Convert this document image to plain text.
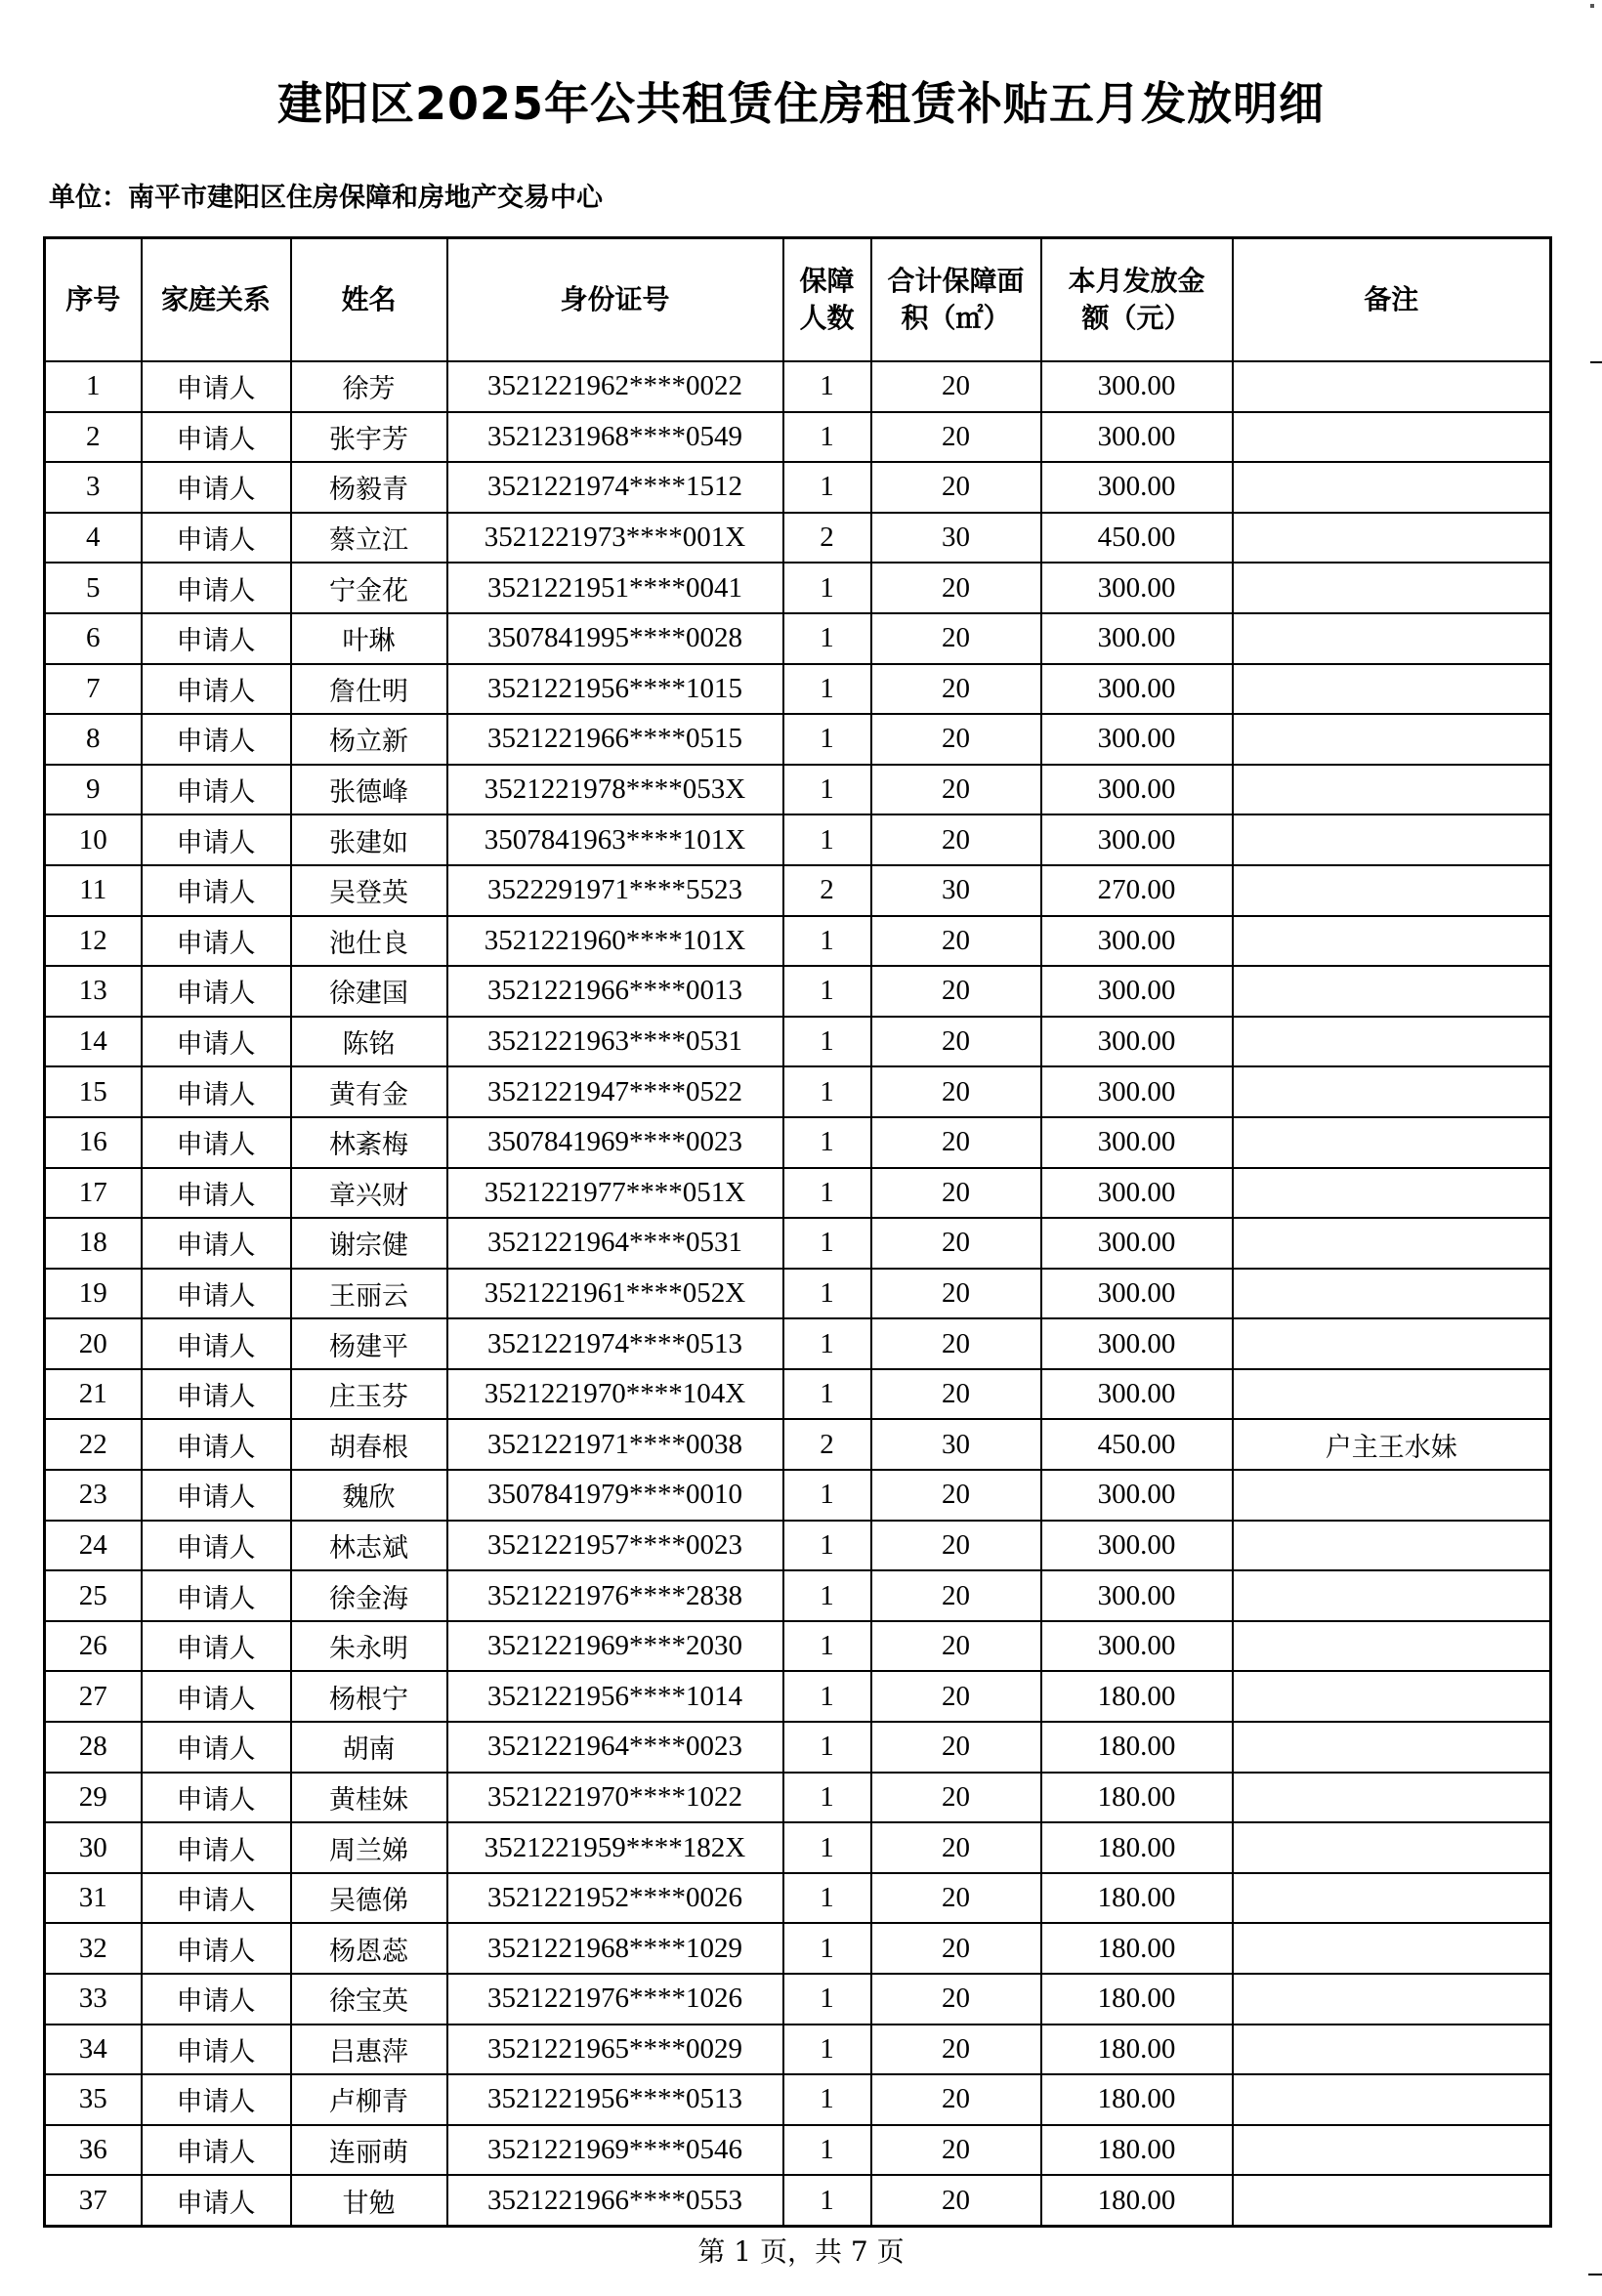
建阳区2025年公共租赁住房租赁补贴五月发放明细
单位：南平市建阳区住房保障和房地产交易中心
序号	家庭关系	姓名	身份证号	保障人数	合计保障面积（㎡）	本月发放金额（元）	备注
1	申请人	徐芳	3521221962****0022	1	20	300.00	
2	申请人	张宇芳	3521231968****0549	1	20	300.00	
3	申请人	杨毅青	3521221974****1512	1	20	300.00	
4	申请人	蔡立江	3521221973****001X	2	30	450.00	
5	申请人	宁金花	3521221951****0041	1	20	300.00	
6	申请人	叶琳	3507841995****0028	1	20	300.00	
7	申请人	詹仕明	3521221956****1015	1	20	300.00	
8	申请人	杨立新	3521221966****0515	1	20	300.00	
9	申请人	张德峰	3521221978****053X	1	20	300.00	
10	申请人	张建如	3507841963****101X	1	20	300.00	
11	申请人	吴登英	3522291971****5523	2	30	270.00	
12	申请人	池仕良	3521221960****101X	1	20	300.00	
13	申请人	徐建国	3521221966****0013	1	20	300.00	
14	申请人	陈铭	3521221963****0531	1	20	300.00	
15	申请人	黄有金	3521221947****0522	1	20	300.00	
16	申请人	林紊梅	3507841969****0023	1	20	300.00	
17	申请人	章兴财	3521221977****051X	1	20	300.00	
18	申请人	谢宗健	3521221964****0531	1	20	300.00	
19	申请人	王丽云	3521221961****052X	1	20	300.00	
20	申请人	杨建平	3521221974****0513	1	20	300.00	
21	申请人	庄玉芬	3521221970****104X	1	20	300.00	
22	申请人	胡春根	3521221971****0038	2	30	450.00	户主王水妹
23	申请人	魏欣	3507841979****0010	1	20	300.00	
24	申请人	林志斌	3521221957****0023	1	20	300.00	
25	申请人	徐金海	3521221976****2838	1	20	300.00	
26	申请人	朱永明	3521221969****2030	1	20	300.00	
27	申请人	杨根宁	3521221956****1014	1	20	180.00	
28	申请人	胡南	3521221964****0023	1	20	180.00	
29	申请人	黄桂妹	3521221970****1022	1	20	180.00	
30	申请人	周兰娣	3521221959****182X	1	20	180.00	
31	申请人	吴德俤	3521221952****0026	1	20	180.00	
32	申请人	杨恩蕊	3521221968****1029	1	20	180.00	
33	申请人	徐宝英	3521221976****1026	1	20	180.00	
34	申请人	吕惠萍	3521221965****0029	1	20	180.00	
35	申请人	卢柳青	3521221956****0513	1	20	180.00	
36	申请人	连丽萌	3521221969****0546	1	20	180.00	
37	申请人	甘勉	3521221966****0553	1	20	180.00	
第 1 页，共 7 页
